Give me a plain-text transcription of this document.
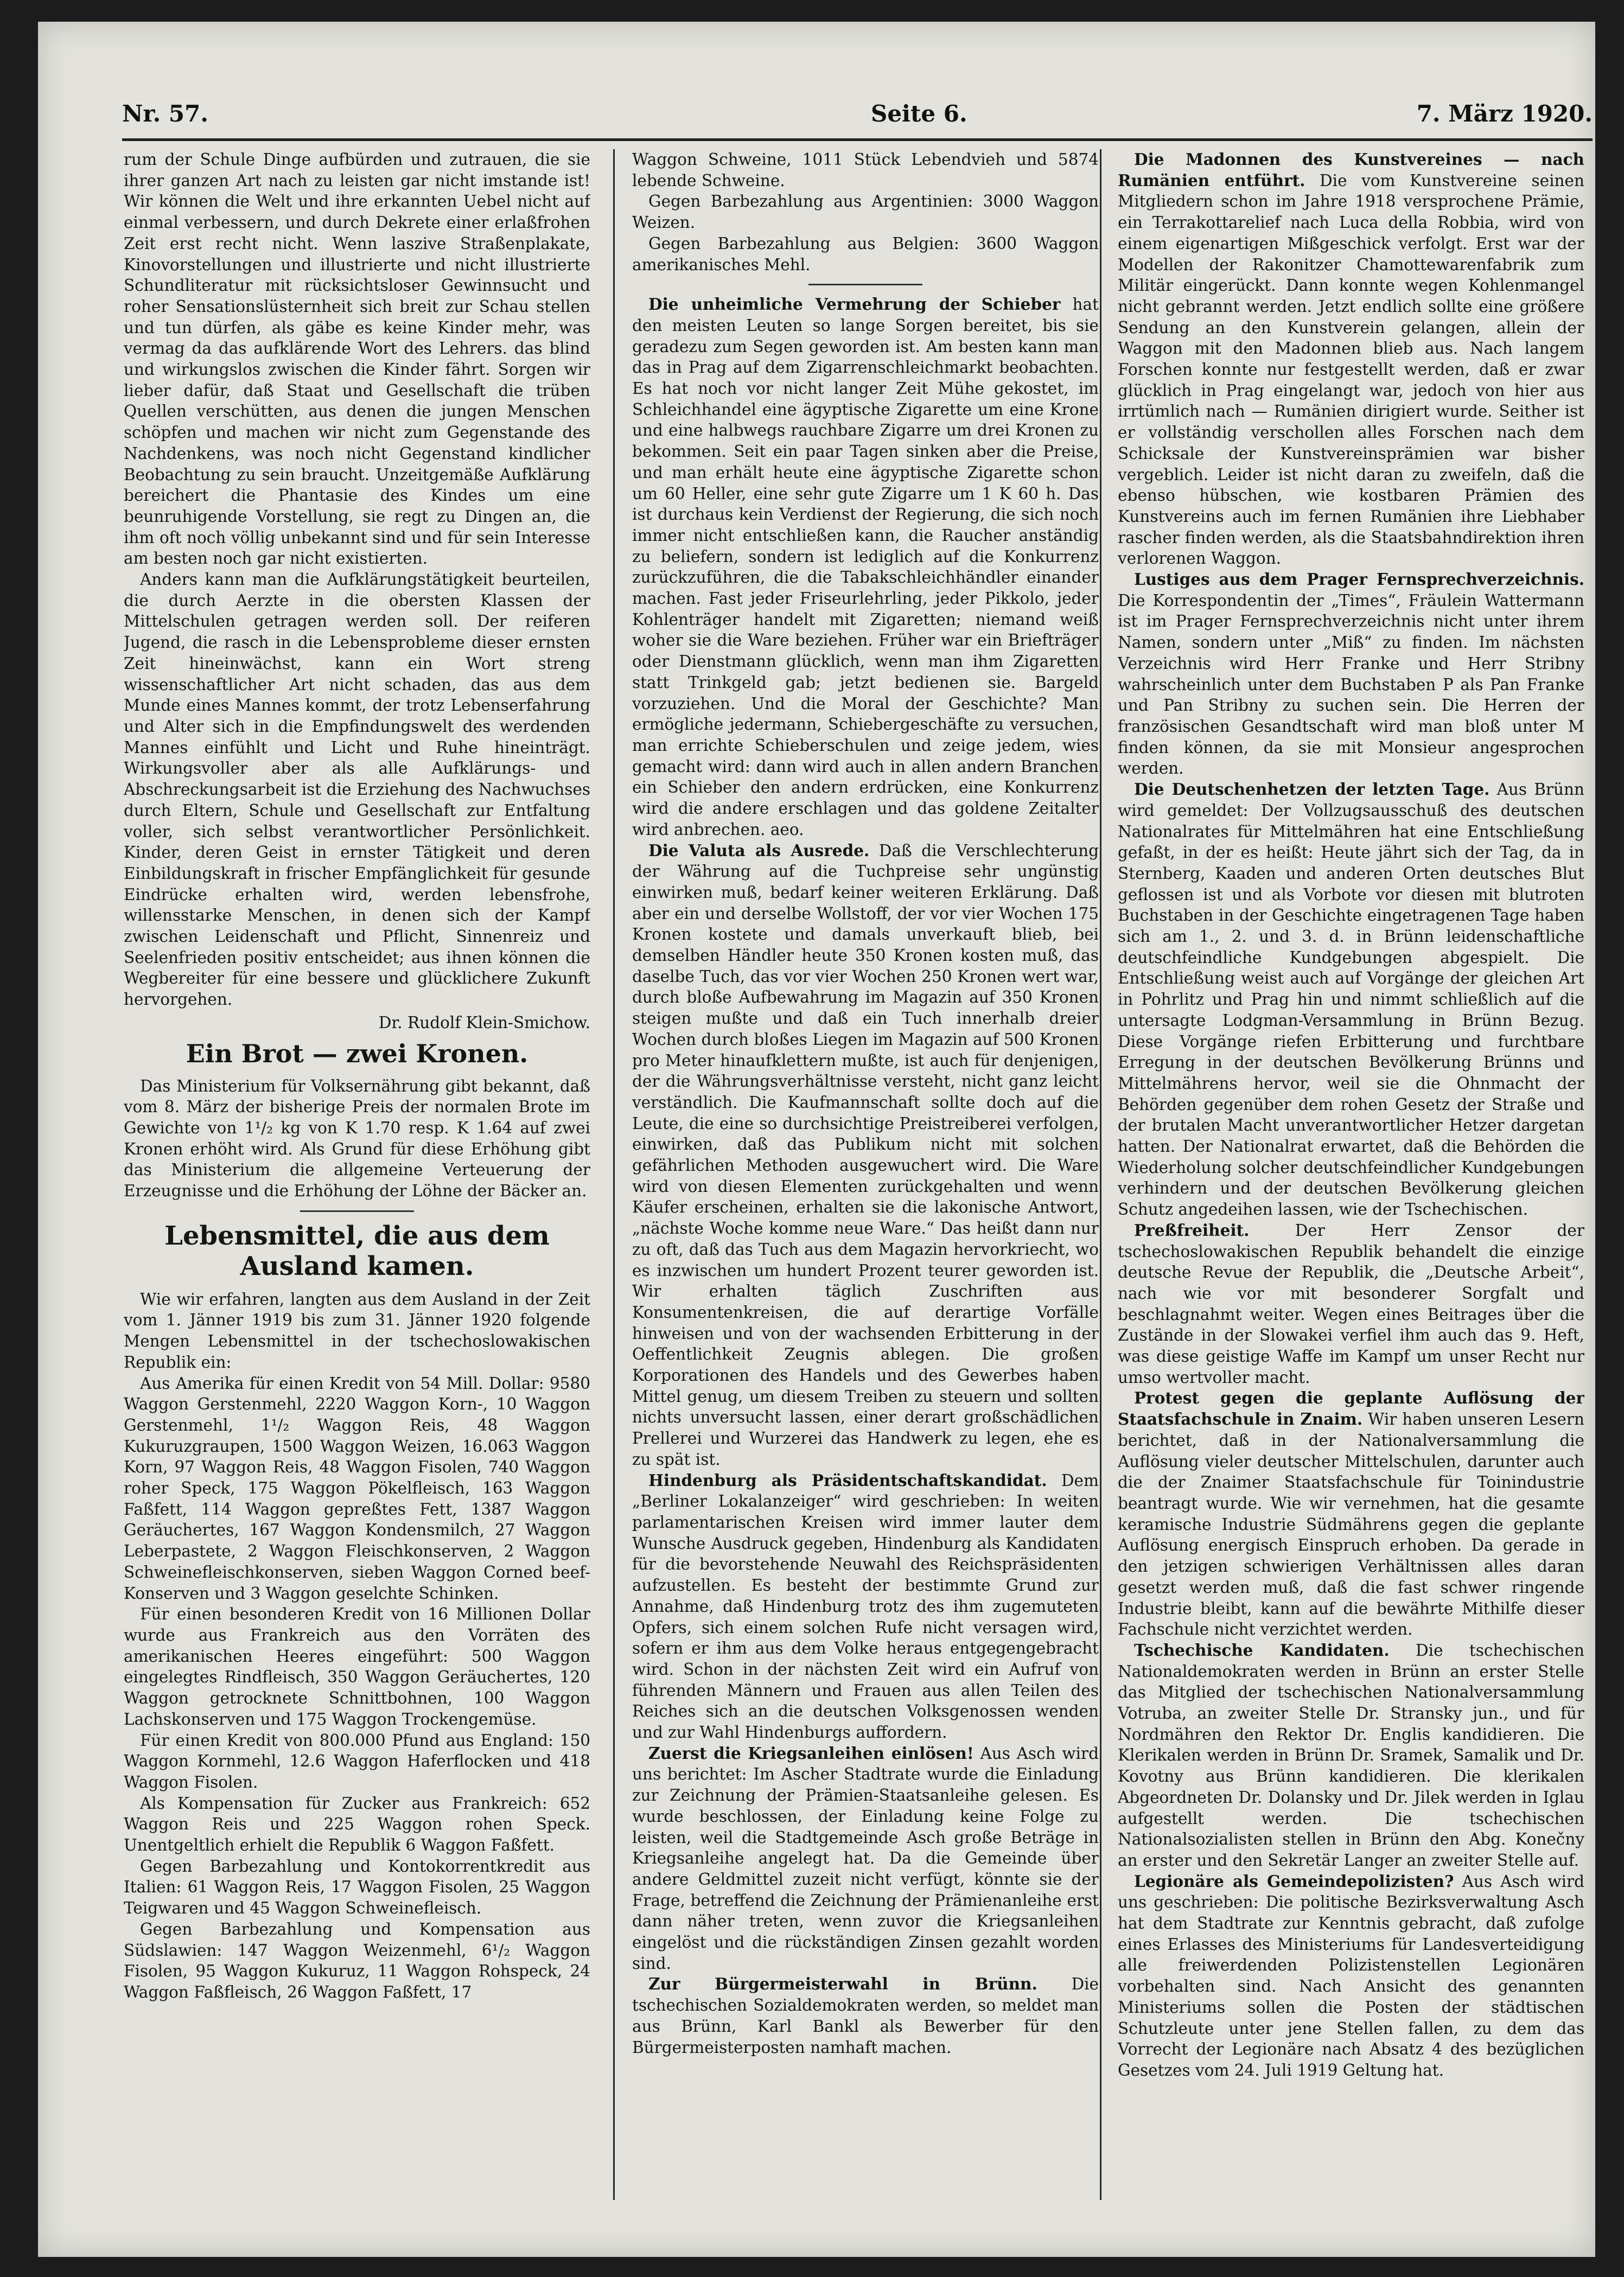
Nr. 57.	Seite 6.	7. März 1920.

rum der Schule Dinge aufbürden und zutrauen, die sie ihrer ganzen Art nach zu leisten gar nicht imstande ist! Wir können die Welt und ihre erkannten Uebel nicht auf einmal verbessern, und durch Dekrete einer erlaßfrohen Zeit erst recht nicht. Wenn laszive Straßenplakate, Kinovorstellungen und illustrierte und nicht illustrierte Schundliteratur mit rücksichtsloser Gewinnsucht und roher Sensationslüsternheit sich breit zur Schau stellen und tun dürfen, als gäbe es keine Kinder mehr, was vermag da das aufklärende Wort des Lehrers. das blind und wirkungslos zwischen die Kinder fährt. Sorgen wir lieber dafür, daß Staat und Gesellschaft die trüben Quellen verschütten, aus denen die jungen Menschen schöpfen und machen wir nicht zum Gegenstande des Nachdenkens, was noch nicht Gegenstand kindlicher Beobachtung zu sein braucht. Unzeitgemäße Aufklärung bereichert die Phantasie des Kindes um eine beunruhigende Vorstellung, sie regt zu Dingen an, die ihm oft noch völlig unbekannt sind und für sein Interesse am besten noch gar nicht existierten.

Anders kann man die Aufklärungstätigkeit beurteilen, die durch Aerzte in die obersten Klassen der Mittelschulen getragen werden soll. Der reiferen Jugend, die rasch in die Lebensprobleme dieser ernsten Zeit hineinwächst, kann ein Wort streng wissenschaftlicher Art nicht schaden, das aus dem Munde eines Mannes kommt, der trotz Lebenserfahrung und Alter sich in die Empfindungswelt des werdenden Mannes einfühlt und Licht und Ruhe hineinträgt. Wirkungsvoller aber als alle Aufklärungs- und Abschreckungsarbeit ist die Erziehung des Nachwuchses durch Eltern, Schule und Gesellschaft zur Entfaltung voller, sich selbst verantwortlicher Persönlichkeit. Kinder, deren Geist in ernster Tätigkeit und deren Einbildungskraft in frischer Empfänglichkeit für gesunde Eindrücke erhalten wird, werden lebensfrohe, willensstarke Menschen, in denen sich der Kampf zwischen Leidenschaft und Pflicht, Sinnenreiz und Seelenfrieden positiv entscheidet; aus ihnen können die Wegbereiter für eine bessere und glücklichere Zukunft hervorgehen.

Dr. Rudolf Klein-Smichow.
Ein Brot — zwei Kronen.

Das Ministerium für Volksernährung gibt bekannt, daß vom 8. März der bisherige Preis der normalen Brote im Gewichte von 1¹/₂ kg von K 1.70 resp. K 1.64 auf zwei Kronen erhöht wird. Als Grund für diese Erhöhung gibt das Ministerium die allgemeine Verteuerung der Erzeugnisse und die Erhöhung der Löhne der Bäcker an.

Lebensmittel, die aus dem Ausland kamen.

Wie wir erfahren, langten aus dem Ausland in der Zeit vom 1. Jänner 1919 bis zum 31. Jänner 1920 folgende Mengen Lebensmittel in der tschechoslowakischen Republik ein:

Aus Amerika für einen Kredit von 54 Mill. Dollar: 9580 Waggon Gerstenmehl, 2220 Waggon Korn-, 10 Waggon Gerstenmehl, 1¹/₂ Waggon Reis, 48 Waggon Kukuruzgraupen, 1500 Waggon Weizen, 16.063 Waggon Korn, 97 Waggon Reis, 48 Waggon Fisolen, 740 Waggon roher Speck, 175 Waggon Pökelfleisch, 163 Waggon Faßfett, 114 Waggon gepreßtes Fett, 1387 Waggon Geräuchertes, 167 Waggon Kondensmilch, 27 Waggon Leberpastete, 2 Waggon Fleischkonserven, 2 Waggon Schweinefleischkonserven, sieben Waggon Corned beef-Konserven und 3 Waggon geselchte Schinken.

Für einen besonderen Kredit von 16 Millionen Dollar wurde aus Frankreich aus den Vorräten des amerikanischen Heeres eingeführt: 500 Waggon eingelegtes Rindfleisch, 350 Waggon Geräuchertes, 120 Waggon getrocknete Schnittbohnen, 100 Waggon Lachskonserven und 175 Waggon Trockengemüse.

Für einen Kredit von 800.000 Pfund aus England: 150 Waggon Kornmehl, 12.6 Waggon Haferflocken und 418 Waggon Fisolen.

Als Kompensation für Zucker aus Frankreich: 652 Waggon Reis und 225 Waggon rohen Speck. Unentgeltlich erhielt die Republik 6 Waggon Faßfett.

Gegen Barbezahlung und Kontokorrentkredit aus Italien: 61 Waggon Reis, 17 Waggon Fisolen, 25 Waggon Teigwaren und 45 Waggon Schweinefleisch.

Gegen Barbezahlung und Kompensation aus Südslawien: 147 Waggon Weizenmehl, 6¹/₂ Waggon Fisolen, 95 Waggon Kukuruz, 11 Waggon Rohspeck, 24 Waggon Faßfleisch, 26 Waggon Faßfett, 17

Waggon Schweine, 1011 Stück Lebendvieh und 5874 lebende Schweine.

Gegen Barbezahlung aus Argentinien: 3000 Waggon Weizen.

Gegen Barbezahlung aus Belgien: 3600 Waggon amerikanisches Mehl.

Die unheimliche Vermehrung der Schieber hat den meisten Leuten so lange Sorgen bereitet, bis sie geradezu zum Segen geworden ist. Am besten kann man das in Prag auf dem Zigarrenschleichmarkt beobachten. Es hat noch vor nicht langer Zeit Mühe gekostet, im Schleichhandel eine ägyptische Zigarette um eine Krone und eine halbwegs rauchbare Zigarre um drei Kronen zu bekommen. Seit ein paar Tagen sinken aber die Preise, und man erhält heute eine ägyptische Zigarette schon um 60 Heller, eine sehr gute Zigarre um 1 K 60 h. Das ist durchaus kein Verdienst der Regierung, die sich noch immer nicht entschließen kann, die Raucher anständig zu beliefern, sondern ist lediglich auf die Konkurrenz zurückzuführen, die die Tabakschleichhändler einander machen. Fast jeder Friseurlehrling, jeder Pikkolo, jeder Kohlenträger handelt mit Zigaretten; niemand weiß woher sie die Ware beziehen. Früher war ein Briefträger oder Dienstmann glücklich, wenn man ihm Zigaretten statt Trinkgeld gab; jetzt bedienen sie. Bargeld vorzuziehen. Und die Moral der Geschichte? Man ermögliche jedermann, Schiebergeschäfte zu versuchen, man errichte Schieberschulen und zeige jedem, wies gemacht wird: dann wird auch in allen andern Branchen ein Schieber den andern erdrücken, eine Konkurrenz wird die andere erschlagen und das goldene Zeitalter wird anbrechen. aeo.

Die Valuta als Ausrede. Daß die Verschlechterung der Währung auf die Tuchpreise sehr ungünstig einwirken muß, bedarf keiner weiteren Erklärung. Daß aber ein und derselbe Wollstoff, der vor vier Wochen 175 Kronen kostete und damals unverkauft blieb, bei demselben Händler heute 350 Kronen kosten muß, das daselbe Tuch, das vor vier Wochen 250 Kronen wert war, durch bloße Aufbewahrung im Magazin auf 350 Kronen steigen mußte und daß ein Tuch innerhalb dreier Wochen durch bloßes Liegen im Magazin auf 500 Kronen pro Meter hinaufklettern mußte, ist auch für denjenigen, der die Währungsverhältnisse versteht, nicht ganz leicht verständlich. Die Kaufmannschaft sollte doch auf die Leute, die eine so durchsichtige Preistreiberei verfolgen, einwirken, daß das Publikum nicht mit solchen gefährlichen Methoden ausgewuchert wird. Die Ware wird von diesen Elementen zurückgehalten und wenn Käufer erscheinen, erhalten sie die lakonische Antwort, „nächste Woche komme neue Ware.“ Das heißt dann nur zu oft, daß das Tuch aus dem Magazin hervorkriecht, wo es inzwischen um hundert Prozent teurer geworden ist. Wir erhalten täglich Zuschriften aus Konsumentenkreisen, die auf derartige Vorfälle hinweisen und von der wachsenden Erbitterung in der Oeffentlichkeit Zeugnis ablegen. Die großen Korporationen des Handels und des Gewerbes haben Mittel genug, um diesem Treiben zu steuern und sollten nichts unversucht lassen, einer derart großschädlichen Prellerei und Wurzerei das Handwerk zu legen, ehe es zu spät ist.

Hindenburg als Präsidentschaftskandidat. Dem „Berliner Lokalanzeiger“ wird geschrieben: In weiten parlamentarischen Kreisen wird immer lauter dem Wunsche Ausdruck gegeben, Hindenburg als Kandidaten für die bevorstehende Neuwahl des Reichspräsidenten aufzustellen. Es besteht der bestimmte Grund zur Annahme, daß Hindenburg trotz des ihm zugemuteten Opfers, sich einem solchen Rufe nicht versagen wird, sofern er ihm aus dem Volke heraus entgegengebracht wird. Schon in der nächsten Zeit wird ein Aufruf von führenden Männern und Frauen aus allen Teilen des Reiches sich an die deutschen Volksgenossen wenden und zur Wahl Hindenburgs auffordern.

Zuerst die Kriegsanleihen einlösen! Aus Asch wird uns berichtet: Im Ascher Stadtrate wurde die Einladung zur Zeichnung der Prämien-Staatsanleihe gelesen. Es wurde beschlossen, der Einladung keine Folge zu leisten, weil die Stadtgemeinde Asch große Beträge in Kriegsanleihe angelegt hat. Da die Gemeinde über andere Geldmittel zuzeit nicht verfügt, könnte sie der Frage, betreffend die Zeichnung der Prämienanleihe erst dann näher treten, wenn zuvor die Kriegsanleihen eingelöst und die rückständigen Zinsen gezahlt worden sind.

Zur Bürgermeisterwahl in Brünn. Die tschechischen Sozialdemokraten werden, so meldet man aus Brünn, Karl Bankl als Bewerber für den Bürgermeisterposten namhaft machen.

Die Madonnen des Kunstvereines — nach Rumänien entführt. Die vom Kunstvereine seinen Mitgliedern schon im Jahre 1918 versprochene Prämie, ein Terrakottarelief nach Luca della Robbia, wird von einem eigenartigen Mißgeschick verfolgt. Erst war der Modellen der Rakonitzer Chamottewarenfabrik zum Militär eingerückt. Dann konnte wegen Kohlenmangel nicht gebrannt werden. Jetzt endlich sollte eine größere Sendung an den Kunstverein gelangen, allein der Waggon mit den Madonnen blieb aus. Nach langem Forschen konnte nur festgestellt werden, daß er zwar glücklich in Prag eingelangt war, jedoch von hier aus irrtümlich nach — Rumänien dirigiert wurde. Seither ist er vollständig verschollen alles Forschen nach dem Schicksale der Kunstvereinsprämien war bisher vergeblich. Leider ist nicht daran zu zweifeln, daß die ebenso hübschen, wie kostbaren Prämien des Kunstvereins auch im fernen Rumänien ihre Liebhaber rascher finden werden, als die Staatsbahndirektion ihren verlorenen Waggon.

Lustiges aus dem Prager Fernsprechverzeichnis. Die Korrespondentin der „Times“, Fräulein Wattermann ist im Prager Fernsprechverzeichnis nicht unter ihrem Namen, sondern unter „Miß“ zu finden. Im nächsten Verzeichnis wird Herr Franke und Herr Stribny wahrscheinlich unter dem Buchstaben P als Pan Franke und Pan Stribny zu suchen sein. Die Herren der französischen Gesandtschaft wird man bloß unter M finden können, da sie mit Monsieur angesprochen werden.

Die Deutschenhetzen der letzten Tage. Aus Brünn wird gemeldet: Der Vollzugsausschuß des deutschen Nationalrates für Mittelmähren hat eine Entschließung gefaßt, in der es heißt: Heute jährt sich der Tag, da in Sternberg, Kaaden und anderen Orten deutsches Blut geflossen ist und als Vorbote vor diesen mit blutroten Buchstaben in der Geschichte eingetragenen Tage haben sich am 1., 2. und 3. d. in Brünn leidenschaftliche deutschfeindliche Kundgebungen abgespielt. Die Entschließung weist auch auf Vorgänge der gleichen Art in Pohrlitz und Prag hin und nimmt schließlich auf die untersagte Lodgman-Versammlung in Brünn Bezug. Diese Vorgänge riefen Erbitterung und furchtbare Erregung in der deutschen Bevölkerung Brünns und Mittelmährens hervor, weil sie die Ohnmacht der Behörden gegenüber dem rohen Gesetz der Straße und der brutalen Macht unverantwortlicher Hetzer dargetan hatten. Der Nationalrat erwartet, daß die Behörden die Wiederholung solcher deutschfeindlicher Kundgebungen verhindern und der deutschen Bevölkerung gleichen Schutz angedeihen lassen, wie der Tschechischen.

Preßfreiheit.	Der Herr Zensor der tschechoslowakischen Republik behandelt die einzige deutsche Revue der Republik, die „Deutsche Arbeit“, nach wie vor mit besonderer Sorgfalt und beschlagnahmt weiter. Wegen eines Beitrages über die Zustände in der Slowakei verfiel ihm auch das 9. Heft, was diese geistige Waffe im Kampf um unser Recht nur umso wertvoller macht.

Protest gegen die geplante Auflösung der Staatsfachschule in Znaim. Wir haben unseren Lesern berichtet, daß in der Nationalversammlung die Auflösung vieler deutscher Mittelschulen, darunter auch die der Znaimer Staatsfachschule für Toinindustrie beantragt wurde. Wie wir vernehmen, hat die gesamte keramische Industrie Südmährens gegen die geplante Auflösung energisch Einspruch erhoben. Da gerade in den jetzigen schwierigen Verhältnissen alles daran gesetzt werden muß, daß die fast schwer ringende Industrie bleibt, kann auf die bewährte Mithilfe dieser Fachschule nicht verzichtet werden.

Tschechische Kandidaten. Die tschechischen Nationaldemokraten werden in Brünn an erster Stelle das Mitglied der tschechischen Nationalversammlung Votruba, an zweiter Stelle Dr. Stransky jun., und für Nordmähren den Rektor Dr. Englis kandidieren. Die Klerikalen werden in Brünn Dr. Sramek, Samalik und Dr. Kovotny aus Brünn kandidieren. Die klerikalen Abgeordneten Dr. Dolansky und Dr. Jilek werden in Iglau aufgestellt werden. Die tschechischen Nationalsozialisten stellen in Brünn den Abg. Konečny an erster und den Sekretär Langer an zweiter Stelle auf.

Legionäre als Gemeindepolizisten? Aus Asch wird uns geschrieben: Die politische Bezirksverwaltung Asch hat dem Stadtrate zur Kenntnis gebracht, daß zufolge eines Erlasses des Ministeriums für Landesverteidigung alle freiwerdenden Polizistenstellen Legionären vorbehalten sind. Nach Ansicht des genannten Ministeriums sollen die Posten der städtischen Schutzleute unter jene Stellen fallen, zu dem das Vorrecht der Legionäre nach Absatz 4 des bezüglichen Gesetzes vom 24. Juli 1919 Geltung hat.
